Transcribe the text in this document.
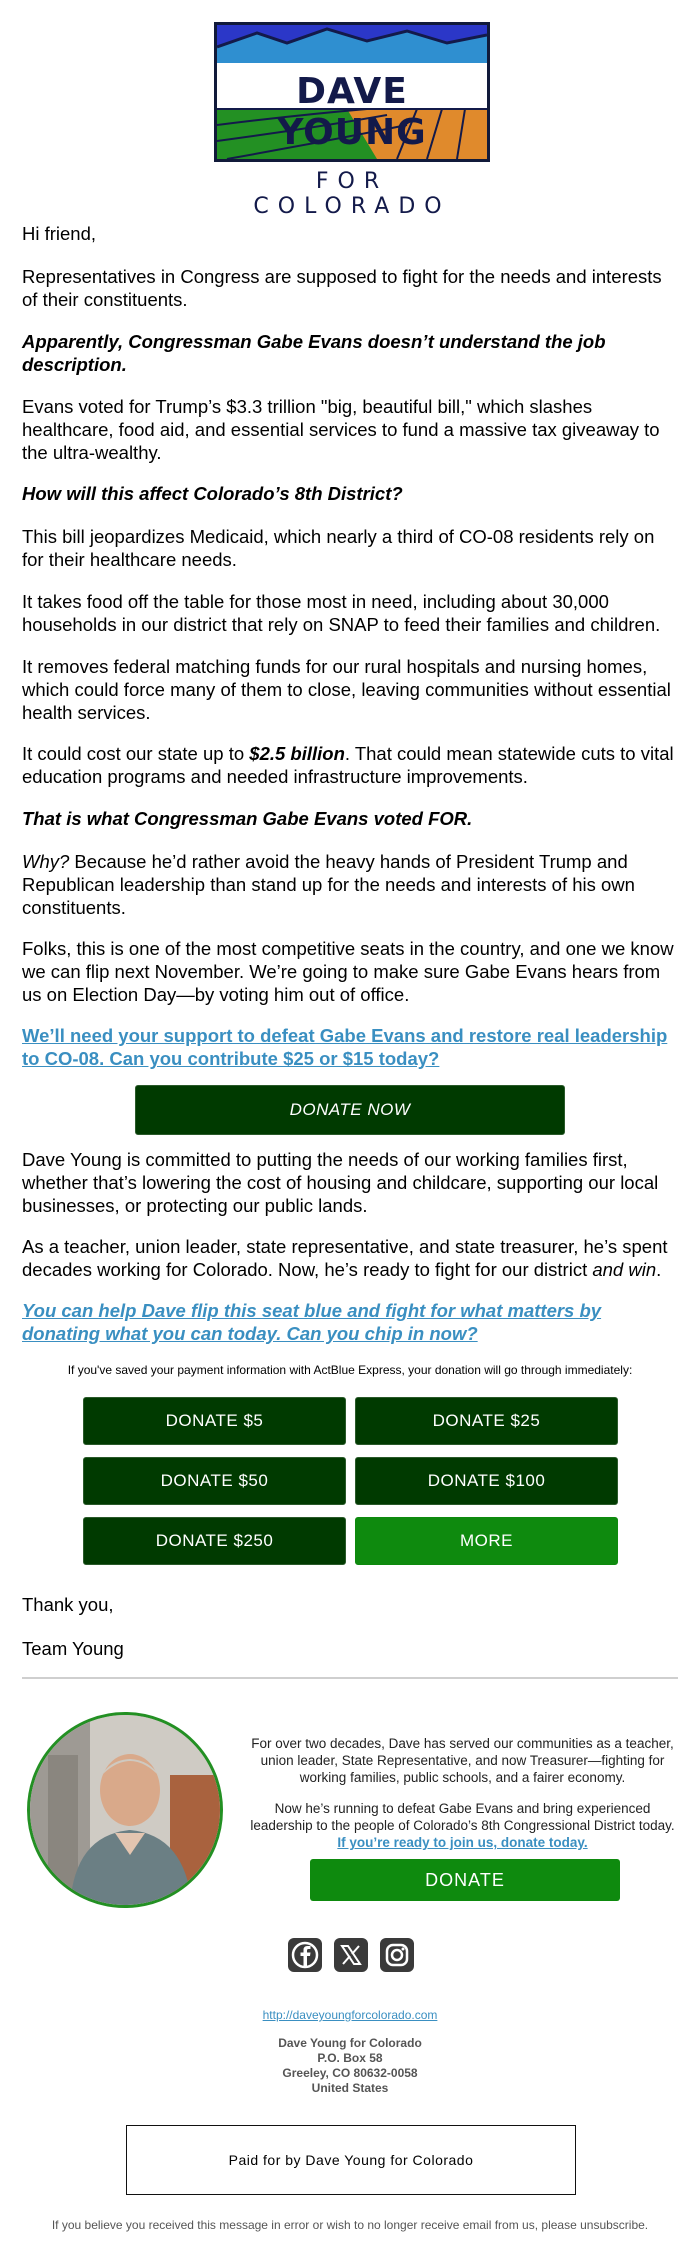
DAVE YOUNG
FOR COLORADO
Hi friend,
Representatives in Congress are supposed to fight for the needs and interests of their constituents.
Apparently, Congressman Gabe Evans doesn’t understand the job description.
Evans voted for Trump’s $3.3 trillion "big, beautiful bill," which slashes healthcare, food aid, and essential services to fund a massive tax giveaway to the ultra-wealthy.
How will this affect Colorado’s 8th District?
This bill jeopardizes Medicaid, which nearly a third of CO-08 residents rely on for their healthcare needs.
It takes food off the table for those most in need, including about 30,000 households in our district that rely on SNAP to feed their families and children.
It removes federal matching funds for our rural hospitals and nursing homes, which could force many of them to close, leaving communities without essential health services.
It could cost our state up to $2.5 billion. That could mean statewide cuts to vital education programs and needed infrastructure improvements.
That is what Congressman Gabe Evans voted FOR.
Why? Because he’d rather avoid the heavy hands of President Trump and Republican leadership than stand up for the needs and interests of his own constituents.
Folks, this is one of the most competitive seats in the country, and one we know we can flip next November. We’re going to make sure Gabe Evans hears from us on Election Day—by voting him out of office.
We’ll need your support to defeat Gabe Evans and restore real leadership to CO-08. Can you contribute $25 or $15 today?
DONATE NOW
Dave Young is committed to putting the needs of our working families first, whether that’s lowering the cost of housing and childcare, supporting our local businesses, or protecting our public lands.
As a teacher, union leader, state representative, and state treasurer, he’s spent decades working for Colorado. Now, he’s ready to fight for our district and win.
You can help Dave flip this seat blue and fight for what matters by donating what you can today. Can you chip in now?
If you've saved your payment information with ActBlue Express, your donation will go through immediately:
DONATE $5	DONATE $25
DONATE $50	DONATE $100
DONATE $250	MORE
Thank you,
Team Young
For over two decades, Dave has served our communities as a teacher, union leader, State Representative, and now Treasurer—fighting for working families, public schools, and a fairer economy.
Now he’s running to defeat Gabe Evans and bring experienced leadership to the people of Colorado’s 8th Congressional District today. If you’re ready to join us, donate today.
DONATE
http://daveyoungforcolorado.com
Dave Young for Colorado
P.O. Box 58
Greeley, CO 80632-0058
United States
Paid for by Dave Young for Colorado
If you believe you received this message in error or wish to no longer receive email from us, please unsubscribe.
